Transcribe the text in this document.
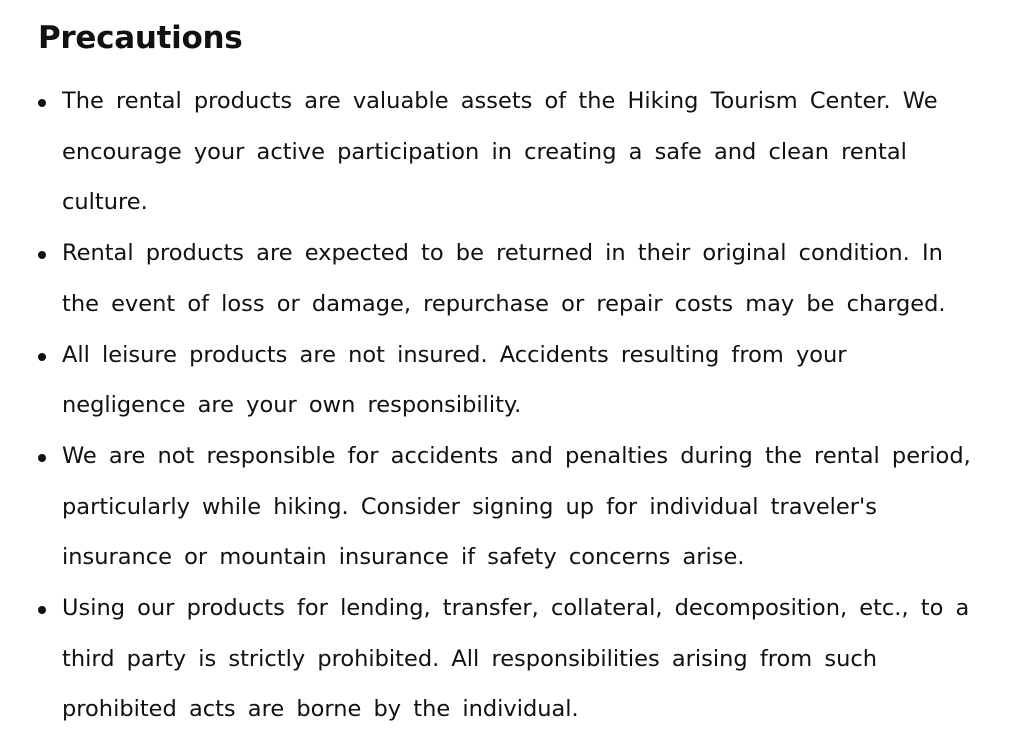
Precautions
The rental products are valuable assets of the Hiking Tourism Center. We encourage your active participation in creating a safe and clean rental culture.
Rental products are expected to be returned in their original condition. In the event of loss or damage, repurchase or repair costs may be charged.
All leisure products are not insured. Accidents resulting from your negligence are your own responsibility.
We are not responsible for accidents and penalties during the rental period, particularly while hiking. Consider signing up for individual traveler's insurance or mountain insurance if safety concerns arise.
Using our products for lending, transfer, collateral, decomposition, etc., to a third party is strictly prohibited. All responsibilities arising from such prohibited acts are borne by the individual.
